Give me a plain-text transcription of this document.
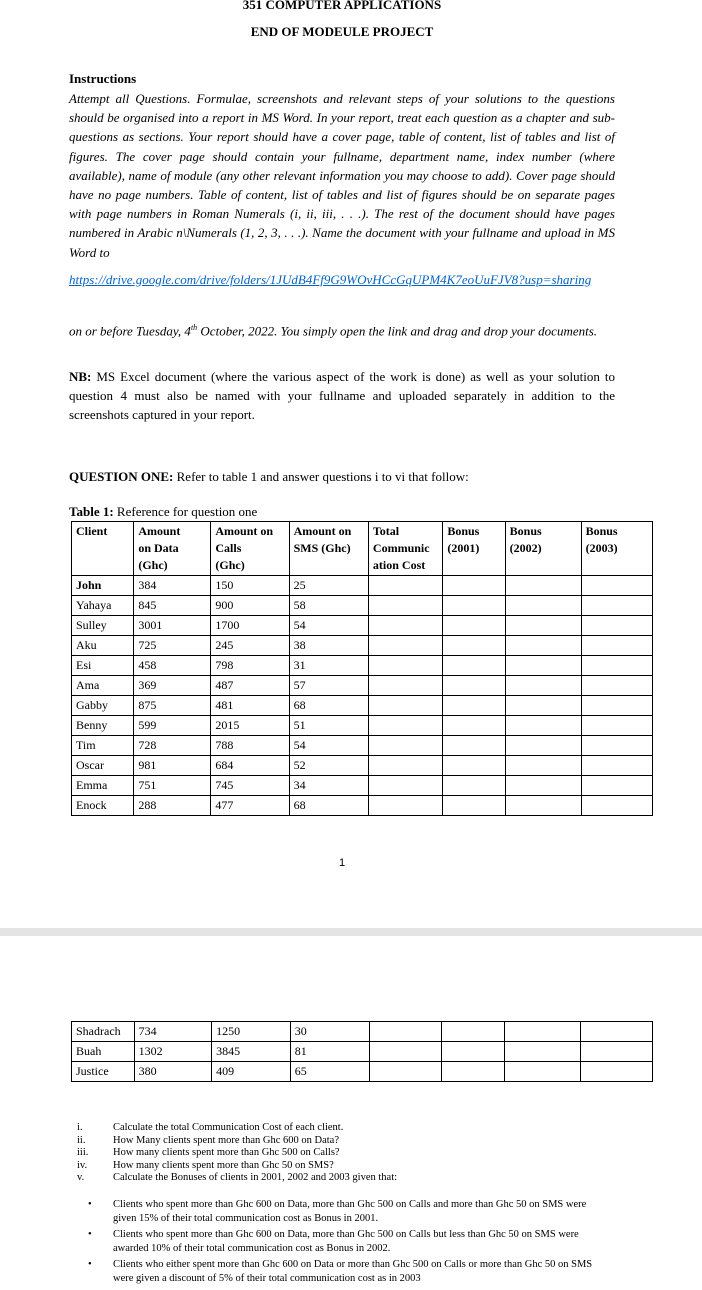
351 COMPUTER APPLICATIONS
END OF MODEULE PROJECT
Instructions

Attempt all Questions. Formulae, screenshots and relevant steps of your solutions to the questions should be organised into a report in MS Word. In your report, treat each question as a chapter and sub-questions as sections. Your report should have a cover page, table of content, list of tables and list of figures. The cover page should contain your fullname, department name, index number (where available), name of module (any other relevant information you may choose to add). Cover page should have no page numbers. Table of content, list of tables and list of figures should be on separate pages with page numbers in Roman Numerals (i, ii, iii, . . .). The rest of the document should have pages numbered in Arabic n\Numerals (1, 2, 3, . . .). Name the document with your fullname and upload in MS Word to

https://drive.google.com/drive/folders/1JUdB4Ff9G9WOvHCcGqUPM4K7eoUuFJV8?usp=sharing

on or before Tuesday, 4th October, 2022. You simply open the link and drag and drop your documents.

NB: MS Excel document (where the various aspect of the work is done) as well as your solution to question 4 must also be named with your fullname and uploaded separately in addition to the screenshots captured in your report.

QUESTION ONE: Refer to table 1 and answer questions i to vi that follow:
Table 1: Reference for question one
Client	Amount
on Data
(Ghc)	Amount on
Calls
(Ghc)	Amount on
SMS (Ghc)	Total
Communic
ation Cost	Bonus
(2001)	Bonus
(2002)	Bonus
(2003)
John	384	150	25				
Yahaya	845	900	58				
Sulley	3001	1700	54				
Aku	725	245	38				
Esi	458	798	31				
Ama	369	487	57				
Gabby	875	481	68				
Benny	599	2015	51				
Tim	728	788	54				
Oscar	981	684	52				
Emma	751	745	34				
Enock	288	477	68				
1
Shadrach	734	1250	30				
Buah	1302	3845	81				
Justice	380	409	65				
i.	Calculate the total Communication Cost of each client.
ii.	How Many clients spent more than Ghc 600 on Data?
iii.	How many clients spent more than Ghc 500 on Calls?
iv.	How many clients spent more than Ghc 50 on SMS?
v.	Calculate the Bonuses of clients in 2001, 2002 and 2003 given that:
• Clients who spent more than Ghc 600 on Data, more than Ghc 500 on Calls and more than Ghc 50 on SMS were given 15% of their total communication cost as Bonus in 2001.
• Clients who spent more than Ghc 600 on Data, more than Ghc 500 on Calls but less than Ghc 50 on SMS were awarded 10% of their total communication cost as Bonus in 2002.
• Clients who either spent more than Ghc 600 on Data or more than Ghc 500 on Calls or more than Ghc 50 on SMS were given a discount of 5% of their total communication cost as in 2003
